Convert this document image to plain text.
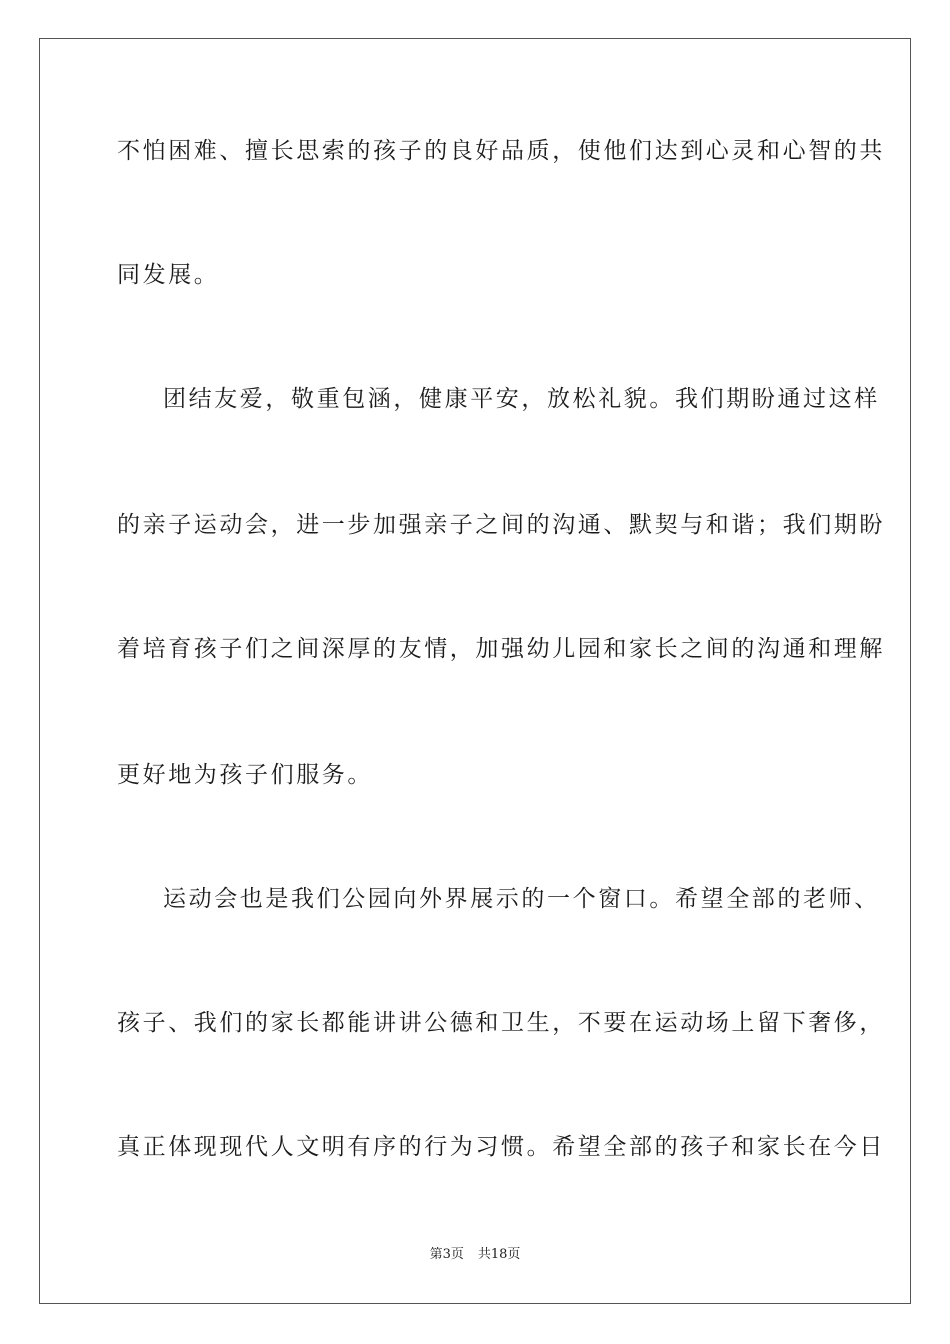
不怕困难、擅长思索的孩子的良好品质，使他们达到心灵和心智的共
同发展。
团结友爱，敬重包涵，健康平安，放松礼貌。我们期盼通过这样
的亲子运动会，进一步加强亲子之间的沟通、默契与和谐；我们期盼
着培育孩子们之间深厚的友情，加强幼儿园和家长之间的沟通和理解
更好地为孩子们服务。
运动会也是我们公园向外界展示的一个窗口。希望全部的老师、
孩子、我们的家长都能讲讲公德和卫生，不要在运动场上留下奢侈，
真正体现现代人文明有序的行为习惯。希望全部的孩子和家长在今日
第3页 共18页
